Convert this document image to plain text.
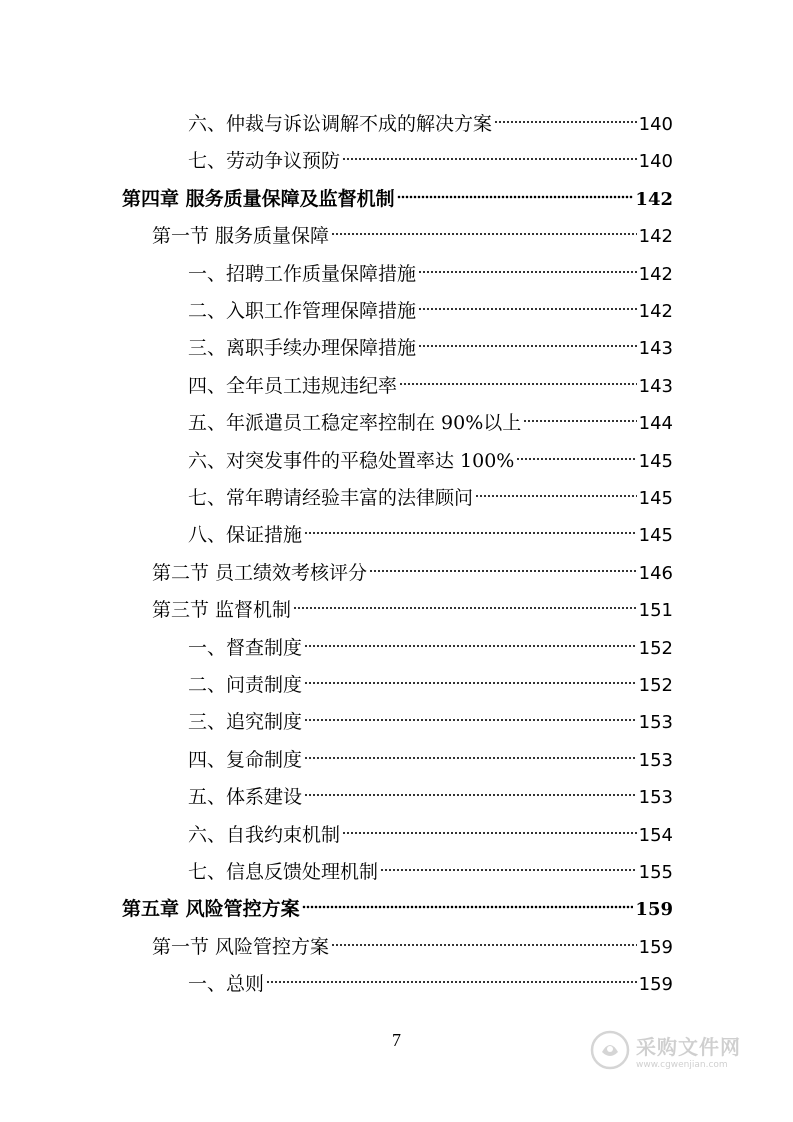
六、仲裁与诉讼调解不成的解决方案	140
七、劳动争议预防	140
第四章 服务质量保障及监督机制	142
第一节 服务质量保障	142
一、招聘工作质量保障措施	142
二、入职工作管理保障措施	142
三、离职手续办理保障措施	143
四、全年员工违规违纪率	143
五、年派遣员工稳定率控制在 90%以上	144
六、对突发事件的平稳处置率达 100%	145
七、常年聘请经验丰富的法律顾问	145
八、保证措施	145
第二节 员工绩效考核评分	146
第三节 监督机制	151
一、督查制度	152
二、问责制度	152
三、追究制度	153
四、复命制度	153
五、体系建设	153
六、自我约束机制	154
七、信息反馈处理机制	155
第五章 风险管控方案	159
第一节 风险管控方案	159
一、总则	159
7	采购文件网
www.cgwenjian.com
